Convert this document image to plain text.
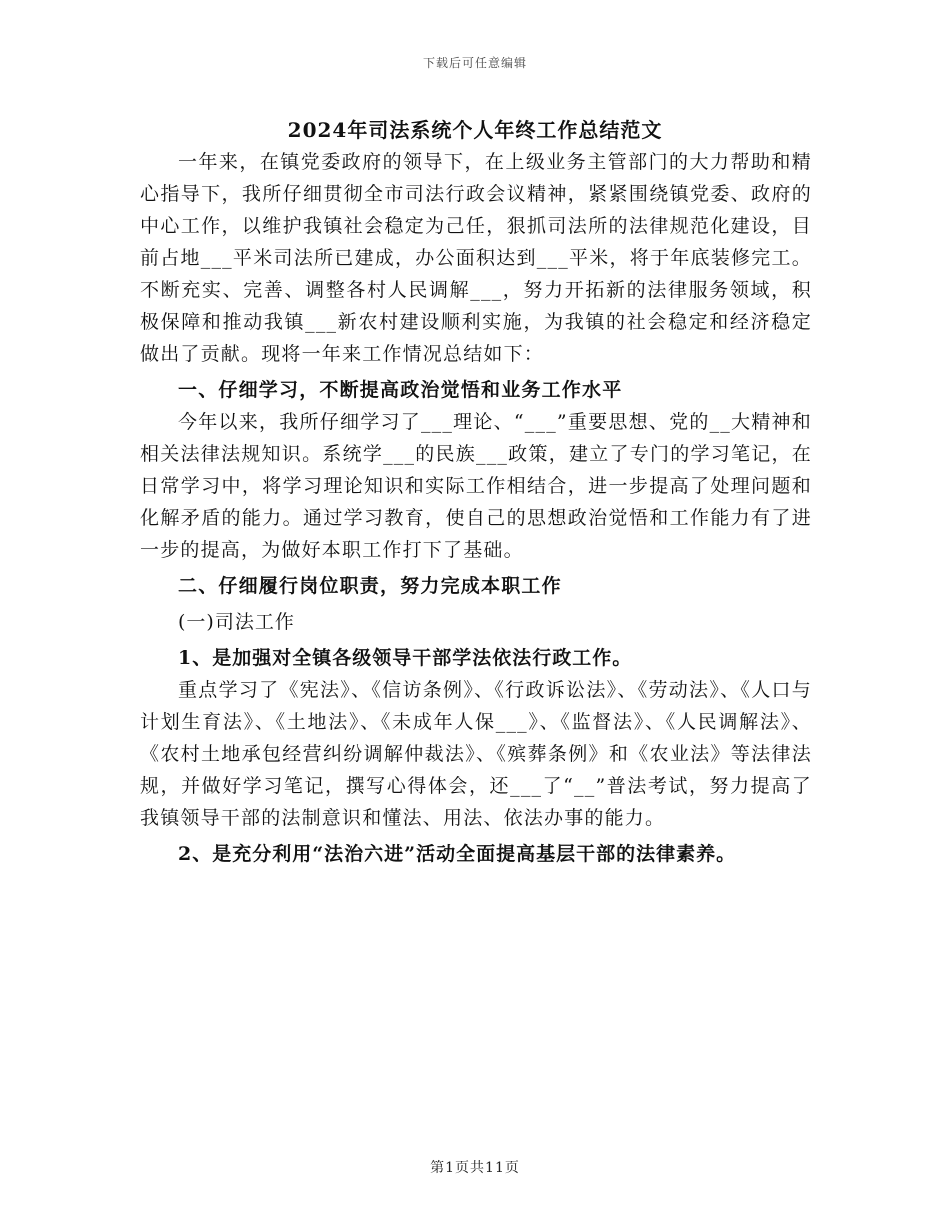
下载后可任意编辑
2024年司法系统个人年终工作总结范文

一年来，在镇党委政府的领导下，在上级业务主管部门的大力帮助和精心指导下，我所仔细贯彻全市司法行政会议精神，紧紧围绕镇党委、政府的中心工作，以维护我镇社会稳定为己任，狠抓司法所的法律规范化建设，目前占地___平米司法所已建成，办公面积达到___平米，将于年底装修完工。不断充实、完善、调整各村人民调解___，努力开拓新的法律服务领域，积极保障和推动我镇___新农村建设顺利实施，为我镇的社会稳定和经济稳定做出了贡献。现将一年来工作情况总结如下：

一、仔细学习，不断提高政治觉悟和业务工作水平

今年以来，我所仔细学习了___理论、“___”重要思想、党的__大精神和相关法律法规知识。系统学___的民族___政策，建立了专门的学习笔记，在日常学习中，将学习理论知识和实际工作相结合，进一步提高了处理问题和化解矛盾的能力。通过学习教育，使自己的思想政治觉悟和工作能力有了进一步的提高，为做好本职工作打下了基础。

二、仔细履行岗位职责，努力完成本职工作
(一)司法工作
1、是加强对全镇各级领导干部学法依法行政工作。

重点学习了《宪法》、《信访条例》、《行政诉讼法》、《劳动法》、《人口与计划生育法》、《土地法》、《未成年人保___》、《监督法》、《人民调解法》、《农村土地承包经营纠纷调解仲裁法》、《殡葬条例》和《农业法》等法律法规，并做好学习笔记，撰写心得体会，还___了“__”普法考试，努力提高了我镇领导干部的法制意识和懂法、用法、依法办事的能力。

2、是充分利用“法治六进”活动全面提高基层干部的法律素养。
第1页共11页
